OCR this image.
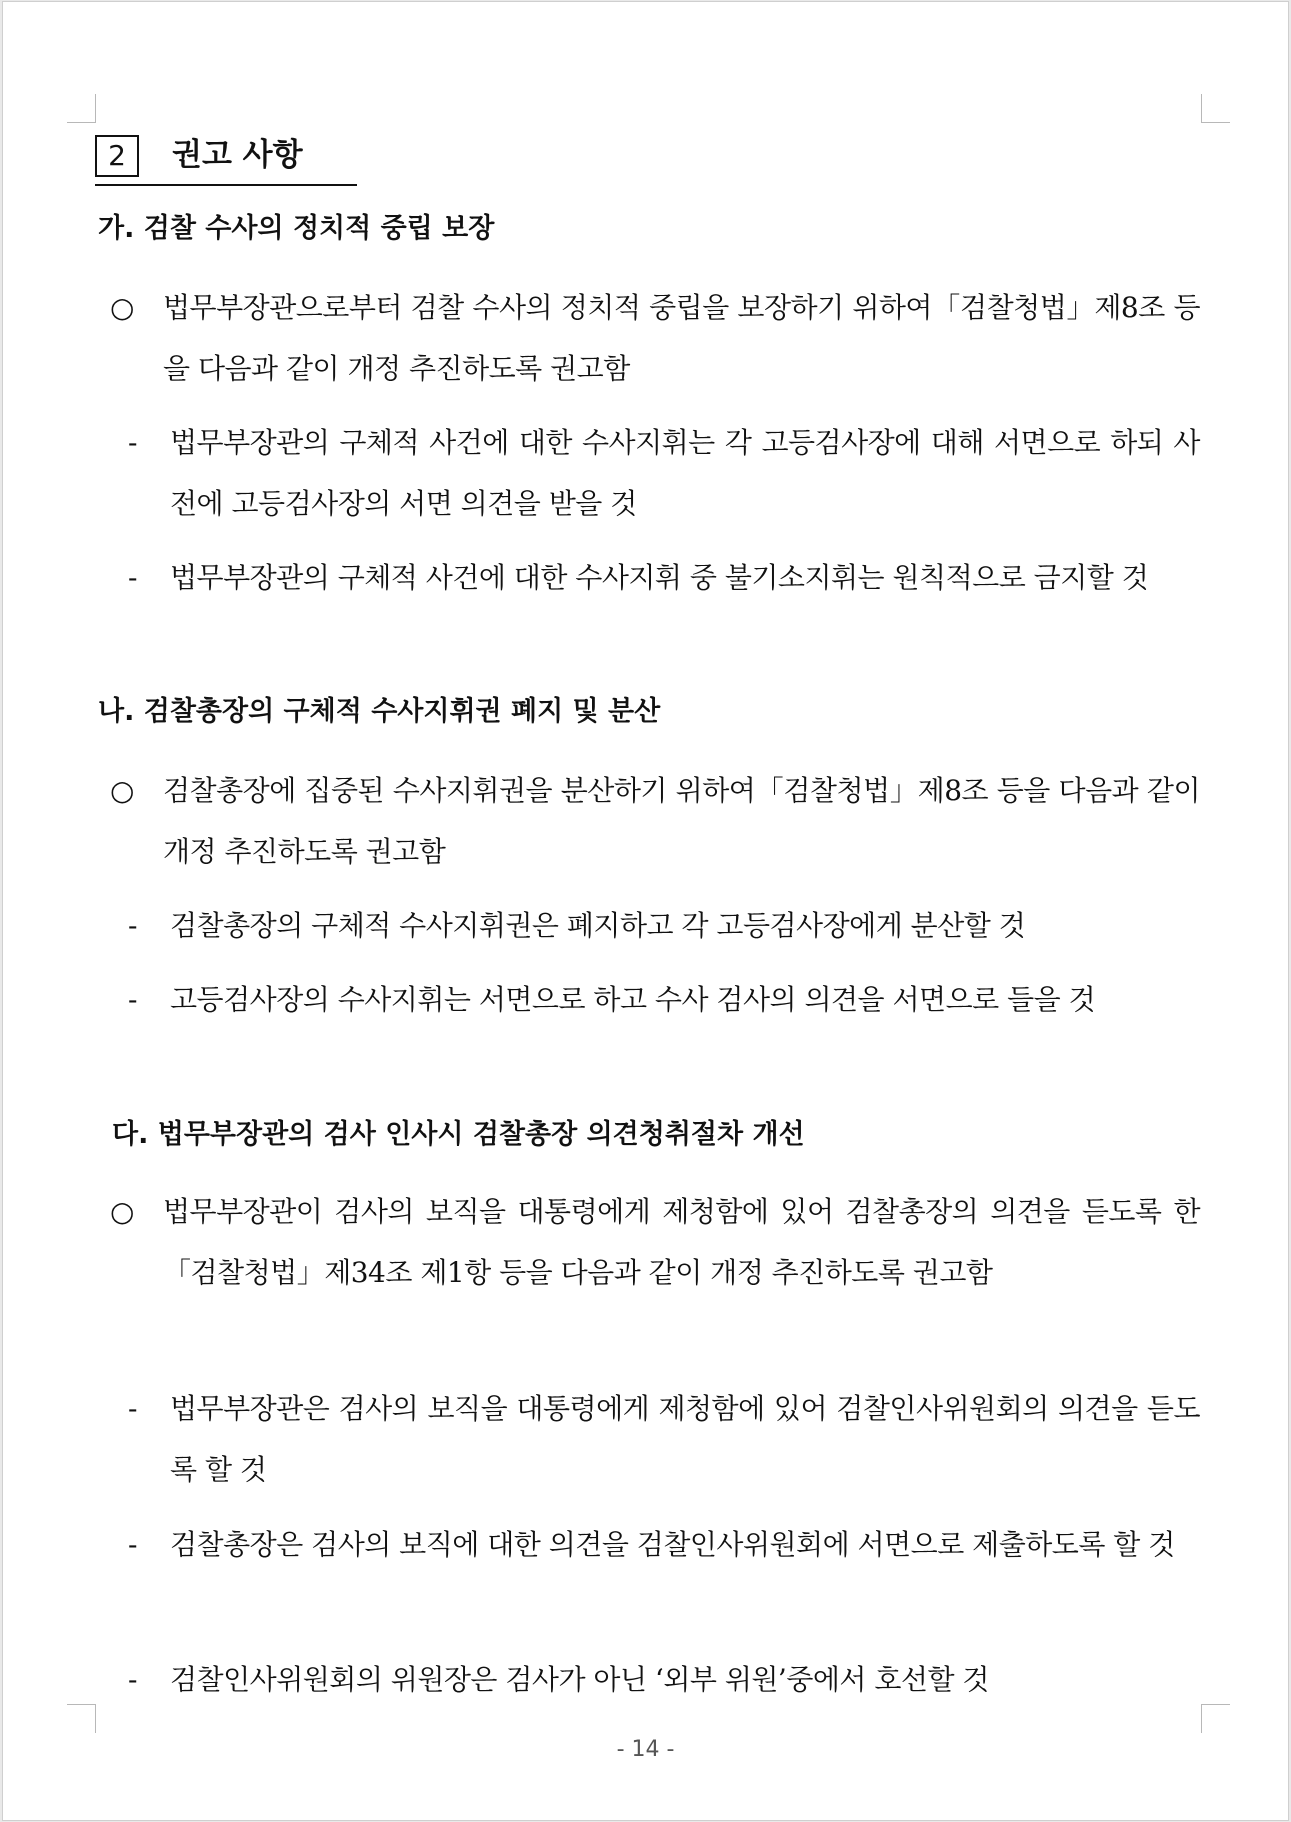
2	권고 사항
가. 검찰 수사의 정치적 중립 보장
○ 법무부장관으로부터 검찰 수사의 정치적 중립을 보장하기 위하여「검찰청법」제8조 등을 다음과 같이 개정 추진하도록 권고함
- 법무부장관의 구체적 사건에 대한 수사지휘는 각 고등검사장에 대해 서면으로 하되 사전에 고등검사장의 서면 의견을 받을 것
- 법무부장관의 구체적 사건에 대한 수사지휘 중 불기소지휘는 원칙적으로 금지할 것
나. 검찰총장의 구체적 수사지휘권 폐지 및 분산
○ 검찰총장에 집중된 수사지휘권을 분산하기 위하여「검찰청법」제8조 등을 다음과 같이 개정 추진하도록 권고함
- 검찰총장의 구체적 수사지휘권은 폐지하고 각 고등검사장에게 분산할 것
- 고등검사장의 수사지휘는 서면으로 하고 수사 검사의 의견을 서면으로 들을 것
다. 법무부장관의 검사 인사시 검찰총장 의견청취절차 개선
○ 법무부장관이 검사의 보직을 대통령에게 제청함에 있어 검찰총장의 의견을 듣도록 한「검찰청법」제34조 제1항 등을 다음과 같이 개정 추진하도록 권고함
- 법무부장관은 검사의 보직을 대통령에게 제청함에 있어 검찰인사위원회의 의견을 듣도록 할 것
- 검찰총장은 검사의 보직에 대한 의견을 검찰인사위원회에 서면으로 제출하도록 할 것
- 검찰인사위원회의 위원장은 검사가 아닌 ‘외부 위원’중에서 호선할 것
- 14 -
